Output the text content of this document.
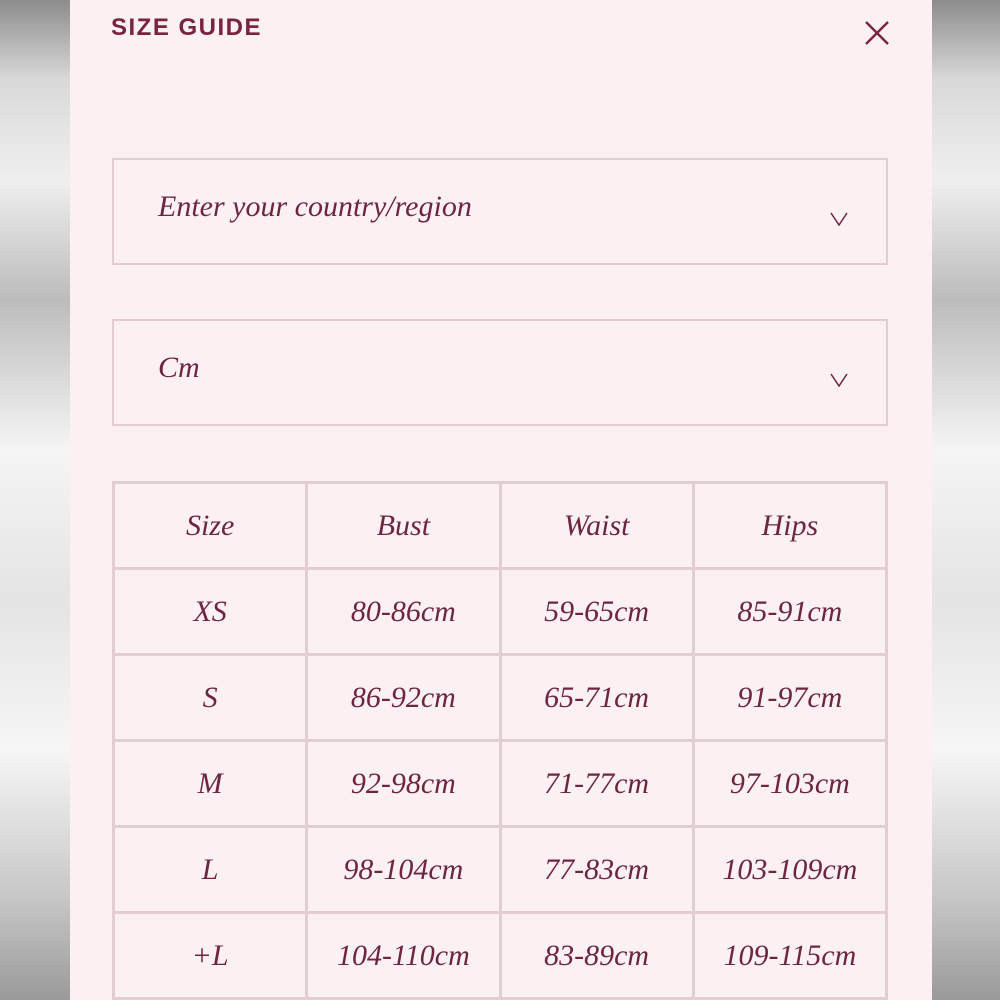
SIZE GUIDE
Enter your country/region
Cm
Size	Bust	Waist	Hips
XS	80-86cm	59-65cm	85-91cm
S	86-92cm	65-71cm	91-97cm
M	92-98cm	71-77cm	97-103cm
L	98-104cm	77-83cm	103-109cm
+L	104-110cm	83-89cm	109-115cm
